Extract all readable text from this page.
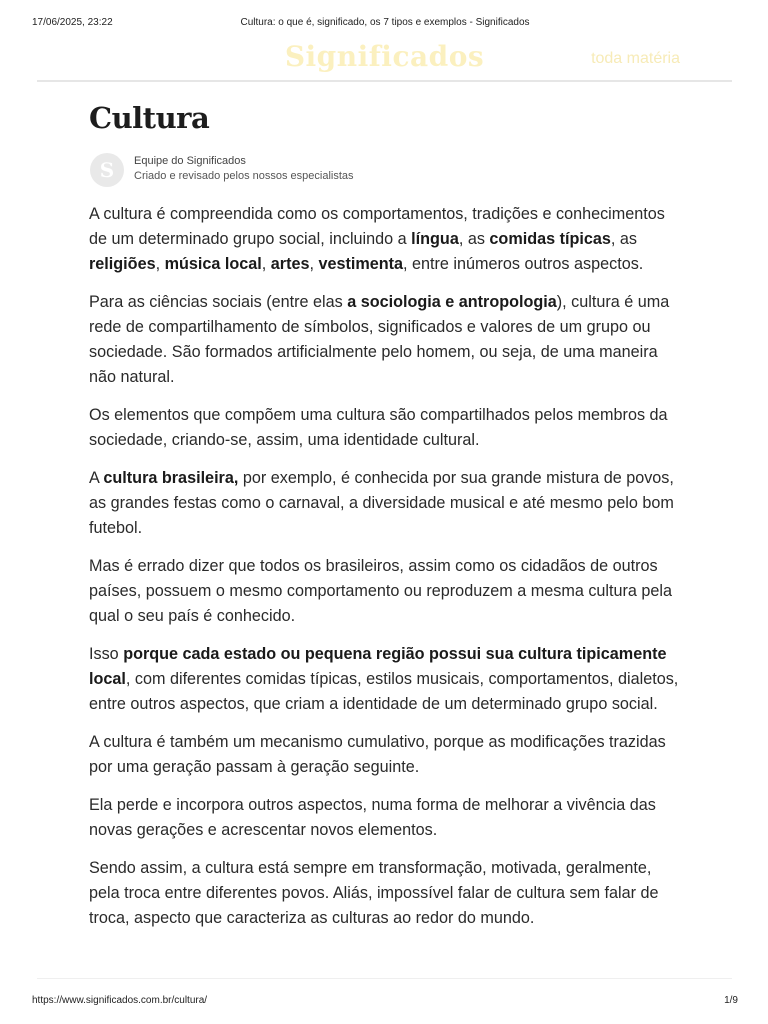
17/06/2025, 23:22	Cultura: o que é, significado, os 7 tipos e exemplos - Significados
Significados	toda matéria
Cultura
S	Equipe do Significados
Criado e revisado pelos nossos especialistas

A cultura é compreendida como os comportamentos, tradições e conhecimentos de um determinado grupo social, incluindo a língua, as comidas típicas, as religiões, música local, artes, vestimenta, entre inúmeros outros aspectos.

Para as ciências sociais (entre elas a sociologia e antropologia), cultura é uma rede de compartilhamento de símbolos, significados e valores de um grupo ou sociedade. São formados artificialmente pelo homem, ou seja, de uma maneira não natural.

Os elementos que compõem uma cultura são compartilhados pelos membros da sociedade, criando-se, assim, uma identidade cultural.

A cultura brasileira, por exemplo, é conhecida por sua grande mistura de povos, as grandes festas como o carnaval, a diversidade musical e até mesmo pelo bom futebol.

Mas é errado dizer que todos os brasileiros, assim como os cidadãos de outros países, possuem o mesmo comportamento ou reproduzem a mesma cultura pela qual o seu país é conhecido.

Isso porque cada estado ou pequena região possui sua cultura tipicamente local, com diferentes comidas típicas, estilos musicais, comportamentos, dialetos, entre outros aspectos, que criam a identidade de um determinado grupo social.

A cultura é também um mecanismo cumulativo, porque as modificações trazidas por uma geração passam à geração seguinte.

Ela perde e incorpora outros aspectos, numa forma de melhorar a vivência das novas gerações e acrescentar novos elementos.

Sendo assim, a cultura está sempre em transformação, motivada, geralmente, pela troca entre diferentes povos. Aliás, impossível falar de cultura sem falar de troca, aspecto que caracteriza as culturas ao redor do mundo.

https://www.significados.com.br/cultura/	1/9
